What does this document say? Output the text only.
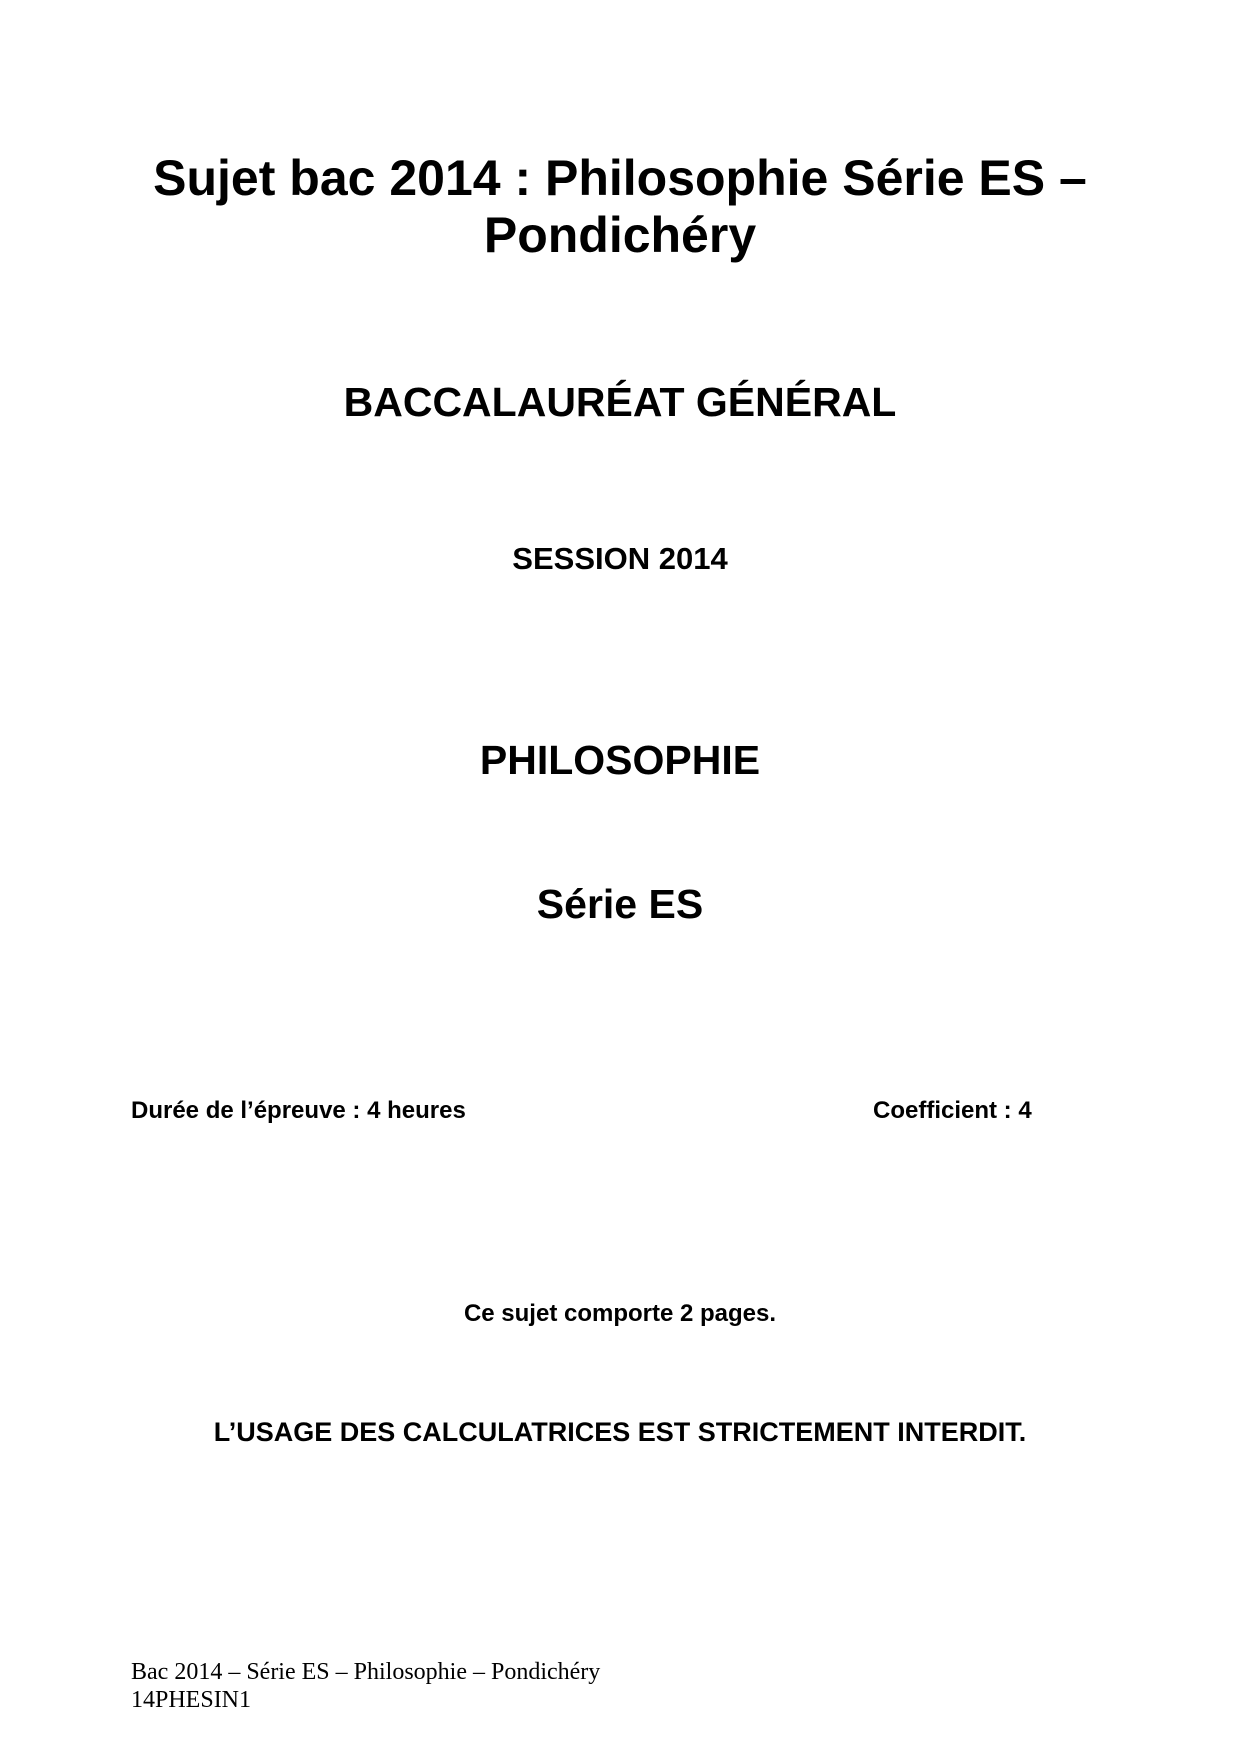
Sujet bac 2014 : Philosophie Série ES –
Pondichéry
BACCALAURÉAT GÉNÉRAL
SESSION 2014
PHILOSOPHIE
Série ES
Durée de l’épreuve : 4 heures	Coefficient : 4
Ce sujet comporte 2 pages.
L’USAGE DES CALCULATRICES EST STRICTEMENT INTERDIT.
Bac 2014 – Série ES – Philosophie – Pondichéry
14PHESIN1
